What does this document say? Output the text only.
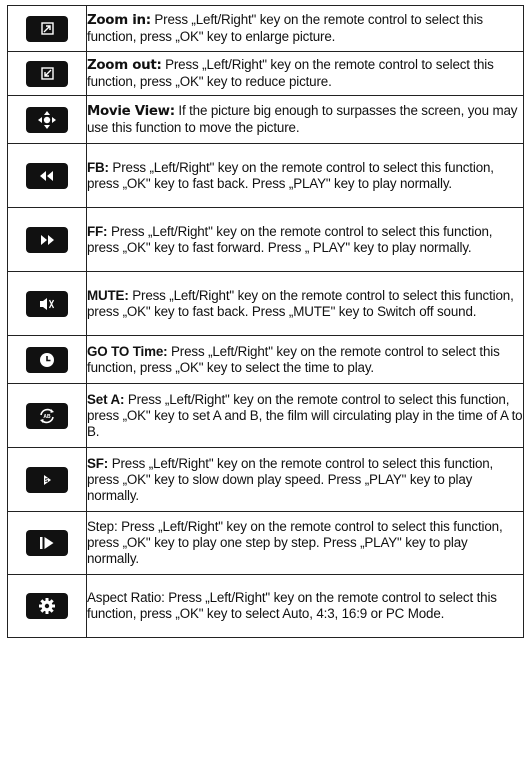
	Zoom in: Press „Left/Right" key on the remote control to select this function, press „OK" key to enlarge picture.

	Zoom out: Press „Left/Right" key on the remote control to select this function, press „OK" key to reduce picture.

	Movie View: If the picture big enough to surpasses the screen, you may use this function to move the picture.

	FB: Press „Left/Right" key on the remote control to select this function, press „OK" key to fast back. Press „PLAY" key to play normally.

	FF: Press „Left/Right" key on the remote control to select this function, press „OK" key to fast forward. Press „ PLAY" key to play normally.

	MUTE: Press „Left/Right" key on the remote control to select this function, press „OK" key to fast back. Press „MUTE" key to Switch off sound.

	GO TO Time: Press „Left/Right" key on the remote control to select this function, press „OK" key to select the time to play.

AB	Set A: Press „Left/Right" key on the remote control to select this function, press „OK" key to set A and B, the film will circulating play in the time of A to B.

S	SF: Press „Left/Right" key on the remote control to select this function, press „OK" key to slow down play speed. Press „PLAY" key to play normally.

	Step: Press „Left/Right" key on the remote control to select this function, press „OK" key to play one step by step. Press „PLAY" key to play normally.

	Aspect Ratio: Press „Left/Right" key on the remote control to select this function, press „OK" key to select Auto, 4:3, 16:9 or PC Mode.
